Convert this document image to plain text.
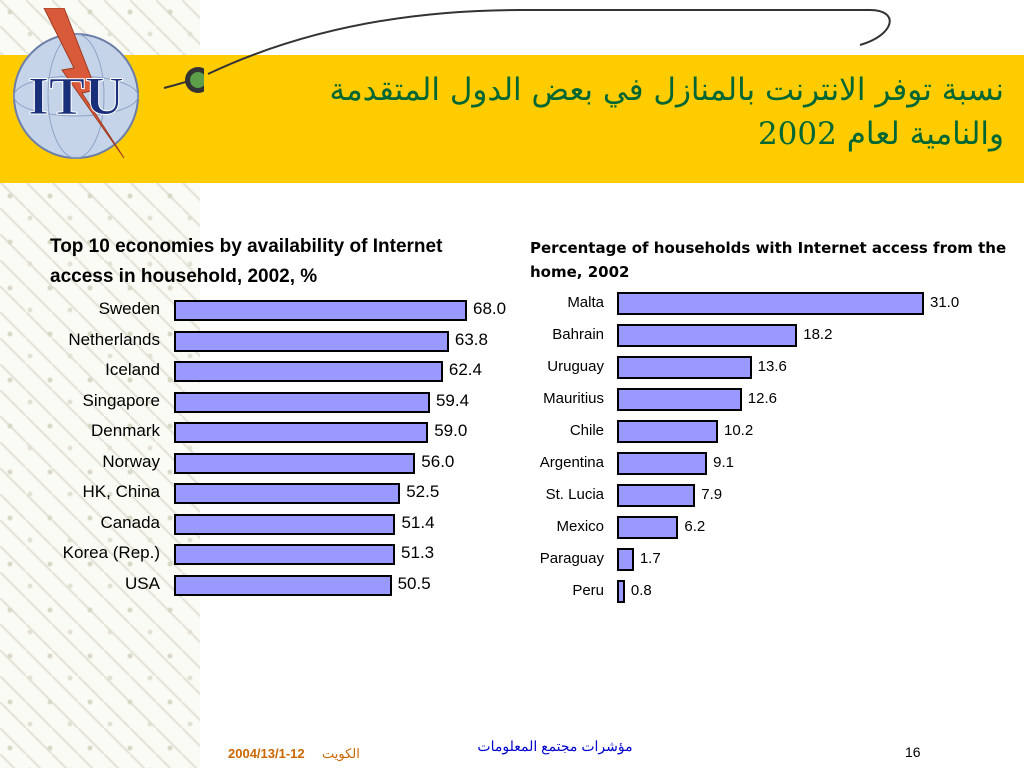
ITU	نسبة توفر الانترنت بالمنازل في بعض الدول المتقدمة
والنامية لعام 2002
Top 10 economies by availability of Internet access in household, 2002, %
Percentage of households with Internet access from the home, 2002
Sweden	68.0
Netherlands	63.8
Iceland	62.4
Singapore	59.4
Denmark	59.0
Norway	56.0
HK, China	52.5
Canada	51.4
Korea (Rep.)	51.3
USA	50.5
Malta	31.0
Bahrain	18.2
Uruguay	13.6
Mauritius	12.6
Chile	10.2
Argentina	9.1
St. Lucia	7.9
Mexico	6.2
Paraguay 1.7
Peru 0.8
2004/13/1-12 الكويت	مؤشرات مجتمع المعلومات	16
